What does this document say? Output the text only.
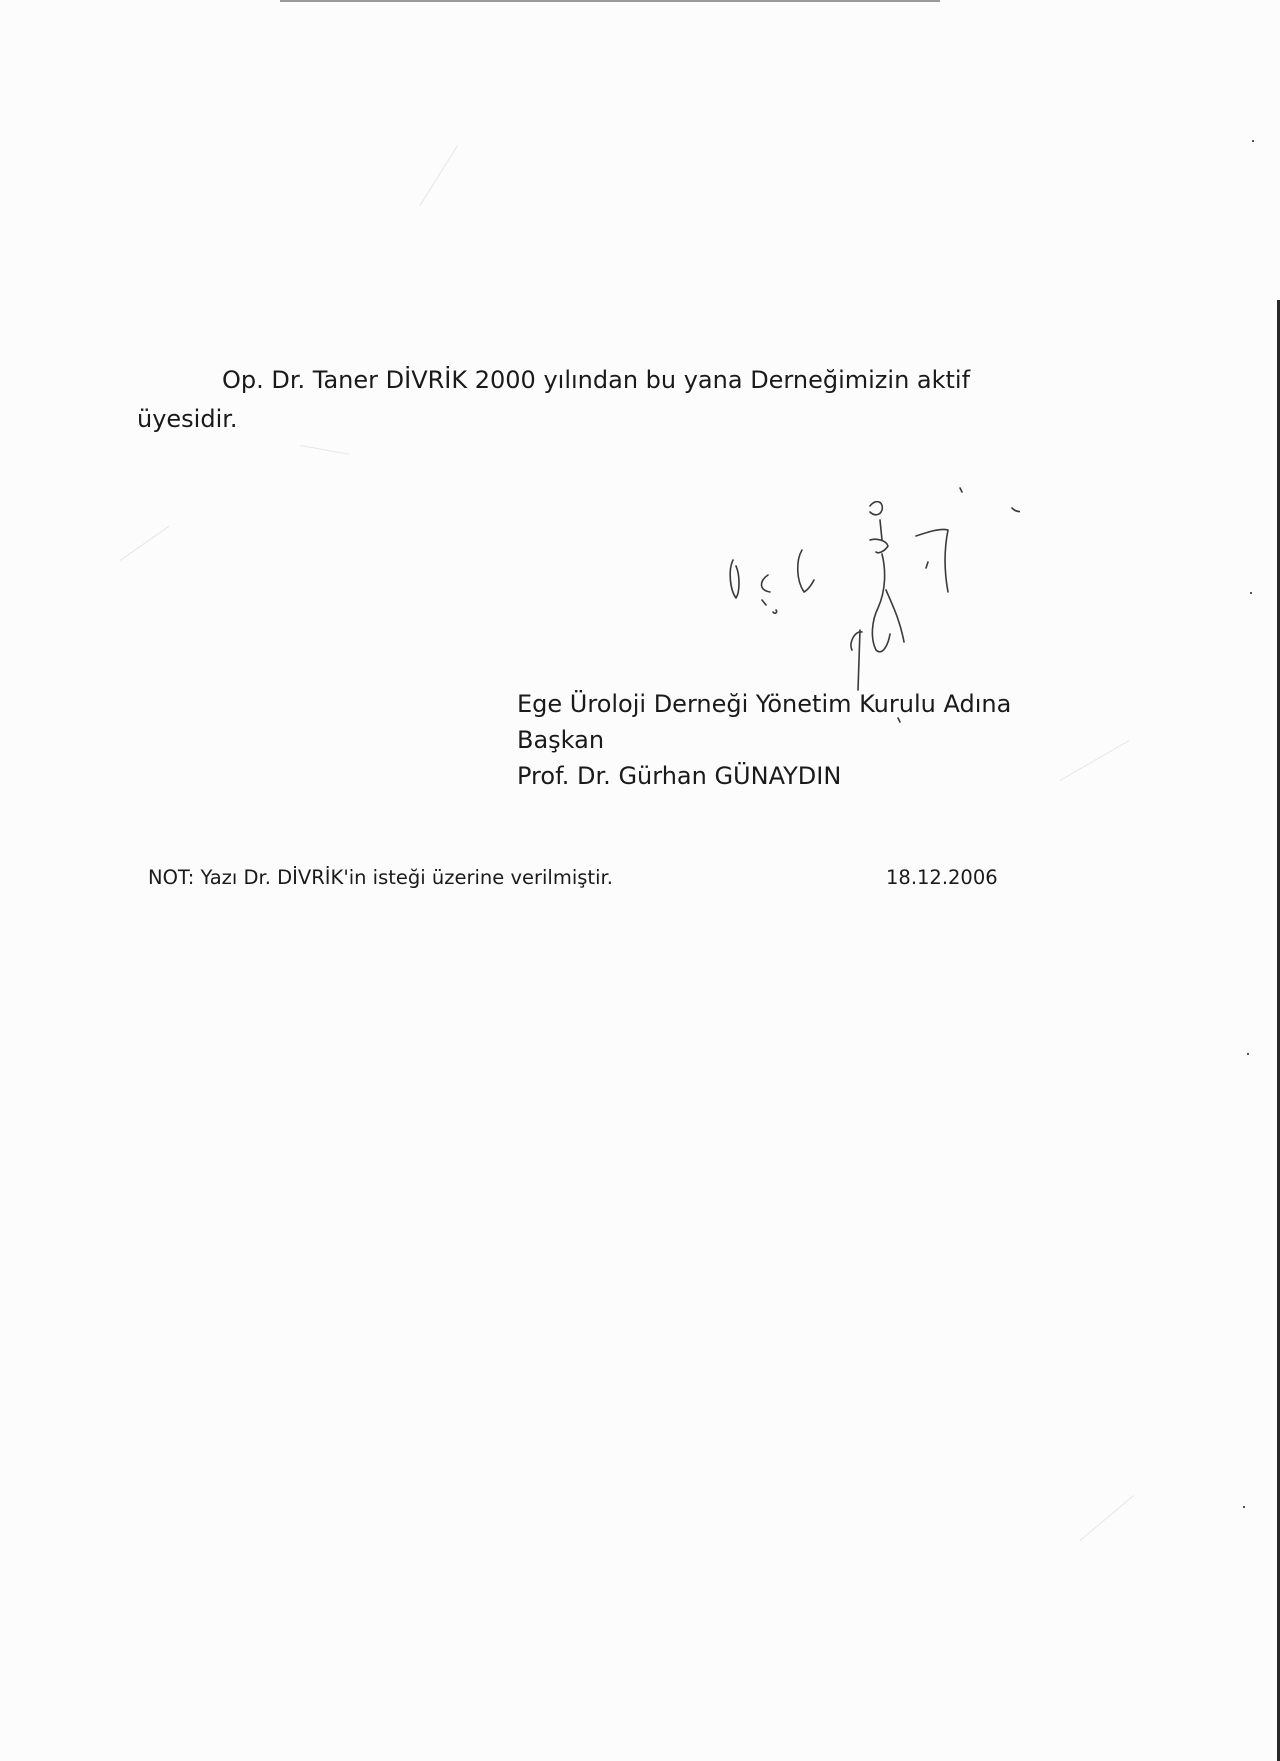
Op. Dr. Taner DİVRİK 2000 yılından bu yana Derneğimizin aktif
üyesidir.
Ege Üroloji Derneği Yönetim Kurulu Adına
Başkan
Prof. Dr. Gürhan GÜNAYDIN
NOT: Yazı Dr. DİVRİK'in isteği üzerine verilmiştir.	18.12.2006
